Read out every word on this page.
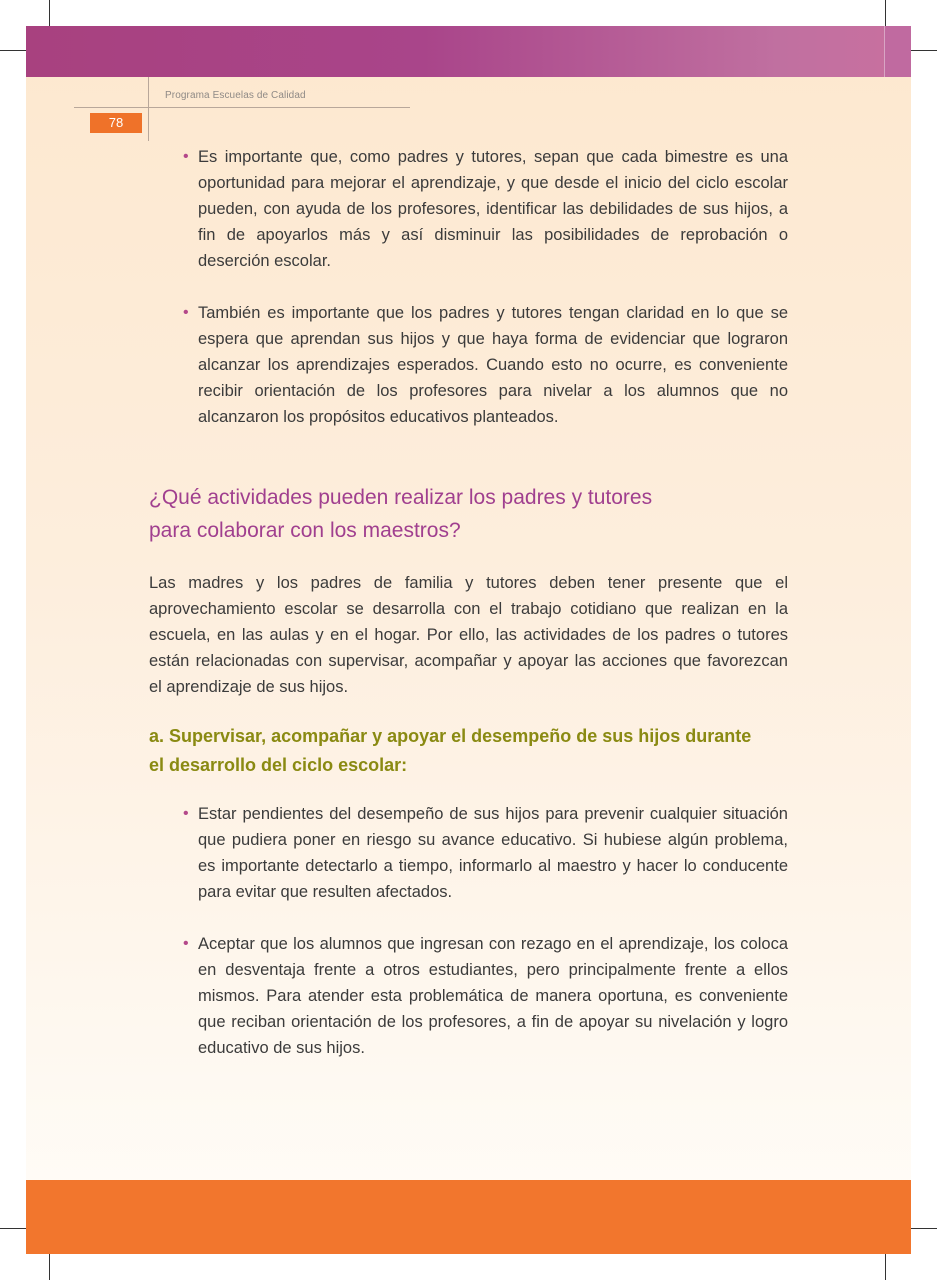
Programa Escuelas de Calidad
78
• Es importante que, como padres y tutores, sepan que cada bimestre es una oportunidad para mejorar el aprendizaje, y que desde el inicio del ciclo escolar pueden, con ayuda de los profesores, identificar las debilidades de sus hijos, a fin de apoyarlos más y así disminuir las posibilidades de reprobación o deserción escolar.
• También es importante que los padres y tutores tengan claridad en lo que se espera que aprendan sus hijos y que haya forma de evidenciar que lograron alcanzar los aprendizajes esperados. Cuando esto no ocurre, es conveniente recibir orientación de los profesores para nivelar a los alumnos que no alcanzaron los propósitos educativos planteados.
¿Qué actividades pueden realizar los padres y tutores
para colaborar con los maestros?

Las madres y los padres de familia y tutores deben tener presente que el aprovechamiento escolar se desarrolla con el trabajo cotidiano que realizan en la escuela, en las aulas y en el hogar. Por ello, las actividades de los padres o tutores están relacionadas con supervisar, acompañar y apoyar las acciones que favorezcan el aprendizaje de sus hijos.

a. Supervisar, acompañar y apoyar el desempeño de sus hijos durante
el desarrollo del ciclo escolar:
• Estar pendientes del desempeño de sus hijos para prevenir cualquier situación que pudiera poner en riesgo su avance educativo. Si hubiese algún problema, es importante detectarlo a tiempo, informarlo al maestro y hacer lo conducente para evitar que resulten afectados.
• Aceptar que los alumnos que ingresan con rezago en el aprendizaje, los coloca en desventaja frente a otros estudiantes, pero principalmente frente a ellos mismos. Para atender esta problemática de manera oportuna, es conveniente que reciban orientación de los profesores, a fin de apoyar su nivelación y logro educativo de sus hijos.
